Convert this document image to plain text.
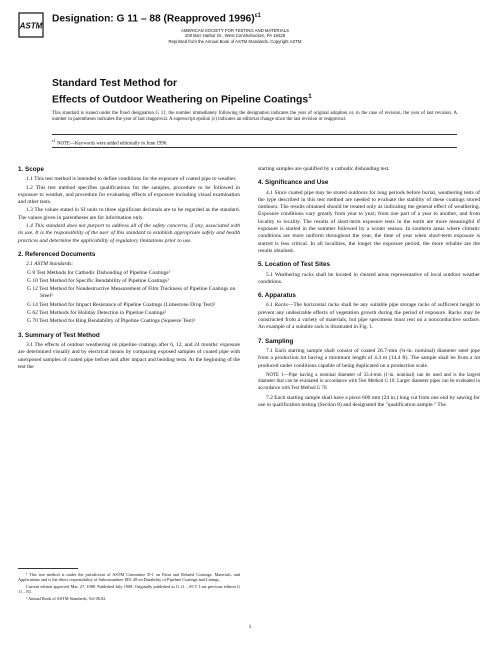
ASTM
Designation: G 11 – 88 (Reapproved 1996)$^{\varepsilon 1}$
AMERICAN SOCIETY FOR TESTING AND MATERIALS
100 Barr Harbor Dr., West Conshohocken, PA 19428
Reprinted from the Annual Book of ASTM Standards. Copyright ASTM
Standard Test Method for
Effects of Outdoor Weathering on Pipeline Coatings$^1$
This standard is issued under the fixed designation G 11; the number immediately following the designation indicates the year of original adoption or, in the case of revision, the year of last revision. A number in parentheses indicates the year of last reapproval. A superscript epsilon (ε) indicates an editorial change since the last revision or reapproval.
$^{\varepsilon 1}$ NOTE—Keywords were added editorially in June 1996.
1. Scope
1.1 This test method is intended to define conditions for the exposure of coated pipe to weather.
1.2 This test method specifies qualifications for the samples, procedure to be followed in exposure to weather, and procedure for evaluating effects of exposure including visual examination and other tests.
1.3 The values stated in SI units to three significant decimals are to be regarded as the standard. The values given in parentheses are for information only.
1.4 This standard does not purport to address all of the safety concerns, if any, associated with its use. It is the responsibility of the user of this standard to establish appropriate safety and health practices and determine the applicability of regulatory limitations prior to use.
2. Referenced Documents
2.1 ASTM Standards:
G 8 Test Methods for Cathodic Disbonding of Pipeline Coatings²
G 10 Test Method for Specific Bendability of Pipeline Coatings²
G 12 Test Method for Nondestructive Measurement of Film Thickness of Pipeline Coatings on Steel²
G 14 Test Method for Impact Resistance of Pipeline Coatings (Limestone Drop Test)²
G 62 Test Methods for Holiday Detection in Pipeline Coatings²
G 70 Test Method for Ring Bendability of Pipeline Coatings (Squeeze Test)²
3. Summary of Test Method
3.1 The effects of outdoor weathering on pipeline coatings after 6, 12, and 24 months' exposure are determined visually and by electrical means by comparing exposed samples of coated pipe with unexposed samples of coated pipe before and after impact and bending tests. At the beginning of the test the
starting samples are qualified by a cathodic disbonding test.
4. Significance and Use
4.1 Since coated pipe may be stored outdoors for long periods before burial, weathering tests of the type described in this test method are needed to evaluate the stability of these coatings stored outdoors. The results obtained should be treated only as indicating the general effect of weathering. Exposure conditions vary greatly from year to year; from one part of a year to another, and from locality to locality. The results of short-term exposure tests in the north are more meaningful if exposure is started in the summer followed by a winter season. In southern areas where climatic conditions are more uniform throughout the year, the time of year when short-term exposure is started is less critical. In all localities, the longer the exposure period, the more reliable are the results obtained.
5. Location of Test Sites
5.1 Weathering racks shall be located in cleared areas representative of local outdoor weather conditions.
6. Apparatus
6.1 Racks—The horizontal racks shall be any suitable pipe storage racks of sufficient height to prevent any undesirable effects of vegetation growth during the period of exposure. Racks may be constructed from a variety of materials, but pipe specimens must rest on a nonconductive surface. An example of a suitable rack is illustrated in Fig. 1.
7. Sampling
7.1 Each starting sample shall consist of coated 26.7-mm (¾-in. nominal) diameter steel pipe from a production lot having a minimum length of 4.4 m (14.4 ft). The sample shall be from a lot produced under conditions capable of being duplicated on a production scale.
NOTE 1—Pipe having a nominal diameter of 33.4-mm (1-in. nominal) can be used and is the largest diameter that can be evaluated in accordance with Test Method G 10. Larger diameter pipes can be evaluated in accordance with Test Method G 70.
7.2 Each starting sample shall have a piece 600 mm (24 in.) long cut from one end by sawing for use in qualification testing (Section 8) and designated the "qualification sample." The
¹ This test method is under the jurisdiction of ASTM Committee D-1 on Paint and Related Coatings, Materials, and Applications and is the direct responsibility of Subcommittee D01.48 on Durability of Pipeline Coatings and Linings.
Current edition approved Mar. 27, 1988. Published July 1988. Originally published as G 11 – 69 T. Last previous edition G 11 – 83.
² Annual Book of ASTM Standards, Vol 06.02.
1
